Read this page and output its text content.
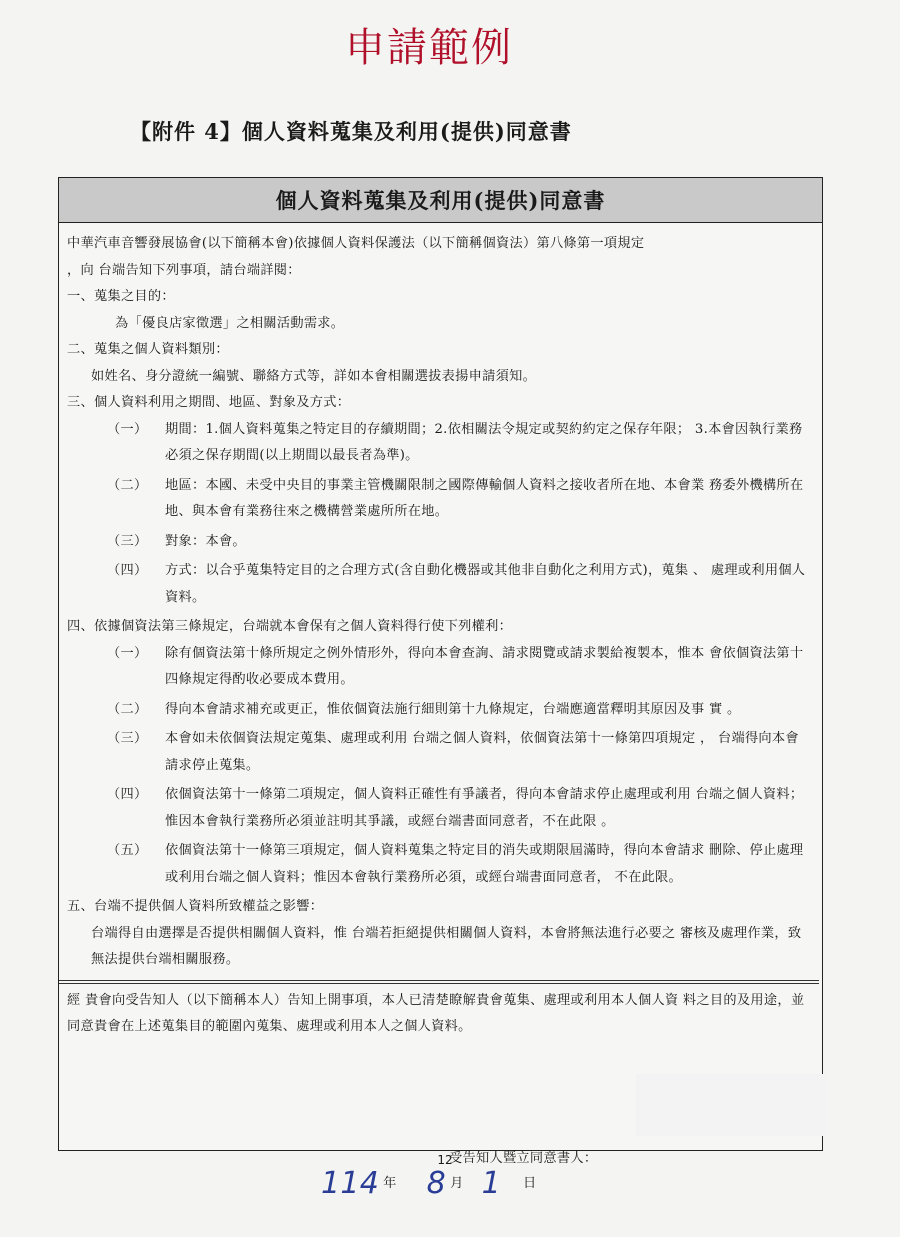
申請範例
【附件 4】個人資料蒐集及利用(提供)同意書
個人資料蒐集及利用(提供)同意書

中華汽車音響發展協會(以下簡稱本會)依據個人資料保護法（以下簡稱個資法）第八條第一項規定

，向 台端告知下列事項，請台端詳閱：

一、蒐集之目的：

為「優良店家徵選」之相關活動需求。

二、蒐集之個人資料類別：

如姓名、身分證統一編號、聯絡方式等，詳如本會相關選拔表揚申請須知。

三、個人資料利用之期間、地區、對象及方式：

（一）	期間：1.個人資料蒐集之特定目的存續期間；2.依相關法令規定或契約約定之保存年限； 3.本會因執行業務必須之保存期間(以上期間以最長者為準)。
（二）	地區：本國、未受中央目的事業主管機關限制之國際傳輸個人資料之接收者所在地、本會業 務委外機構所在地、與本會有業務往來之機構營業處所所在地。
（三）	對象：本會。
（四）	方式：以合乎蒐集特定目的之合理方式(含自動化機器或其他非自動化之利用方式)，蒐集 、 處理或利用個人資料。

四、依據個資法第三條規定，台端就本會保有之個人資料得行使下列權利：

（一）	除有個資法第十條所規定之例外情形外，得向本會查詢、請求閱覽或請求製給複製本，惟本 會依個資法第十四條規定得酌收必要成本費用。
（二）	得向本會請求補充或更正，惟依個資法施行細則第十九條規定，台端應適當釋明其原因及事 實 。
（三）	本會如未依個資法規定蒐集、處理或利用 台端之個人資料，依個資法第十一條第四項規定 ， 台端得向本會請求停止蒐集。
（四）	依個資法第十一條第二項規定，個人資料正確性有爭議者，得向本會請求停止處理或利用 台端之個人資料；惟因本會執行業務所必須並註明其爭議，或經台端書面同意者，不在此限 。
（五）	依個資法第十一條第三項規定，個人資料蒐集之特定目的消失或期限屆滿時，得向本會請求 刪除、停止處理或利用台端之個人資料；惟因本會執行業務所必須，或經台端書面同意者， 不在此限。

五、台端不提供個人資料所致權益之影響：

台端得自由選擇是否提供相關個人資料，惟 台端若拒絕提供相關個人資料，本會將無法進行必要之 審核及處理作業，致無法提供台端相關服務。

經 貴會向受告知人（以下簡稱本人）告知上開事項，本人已清楚瞭解貴會蒐集、處理或利用本人個人資 料之目的及用途，並同意貴會在上述蒐集目的範圍內蒐集、處理或利用本人之個人資料。

受告知人暨立同意書人：
114 年 8 月 1 日
12
